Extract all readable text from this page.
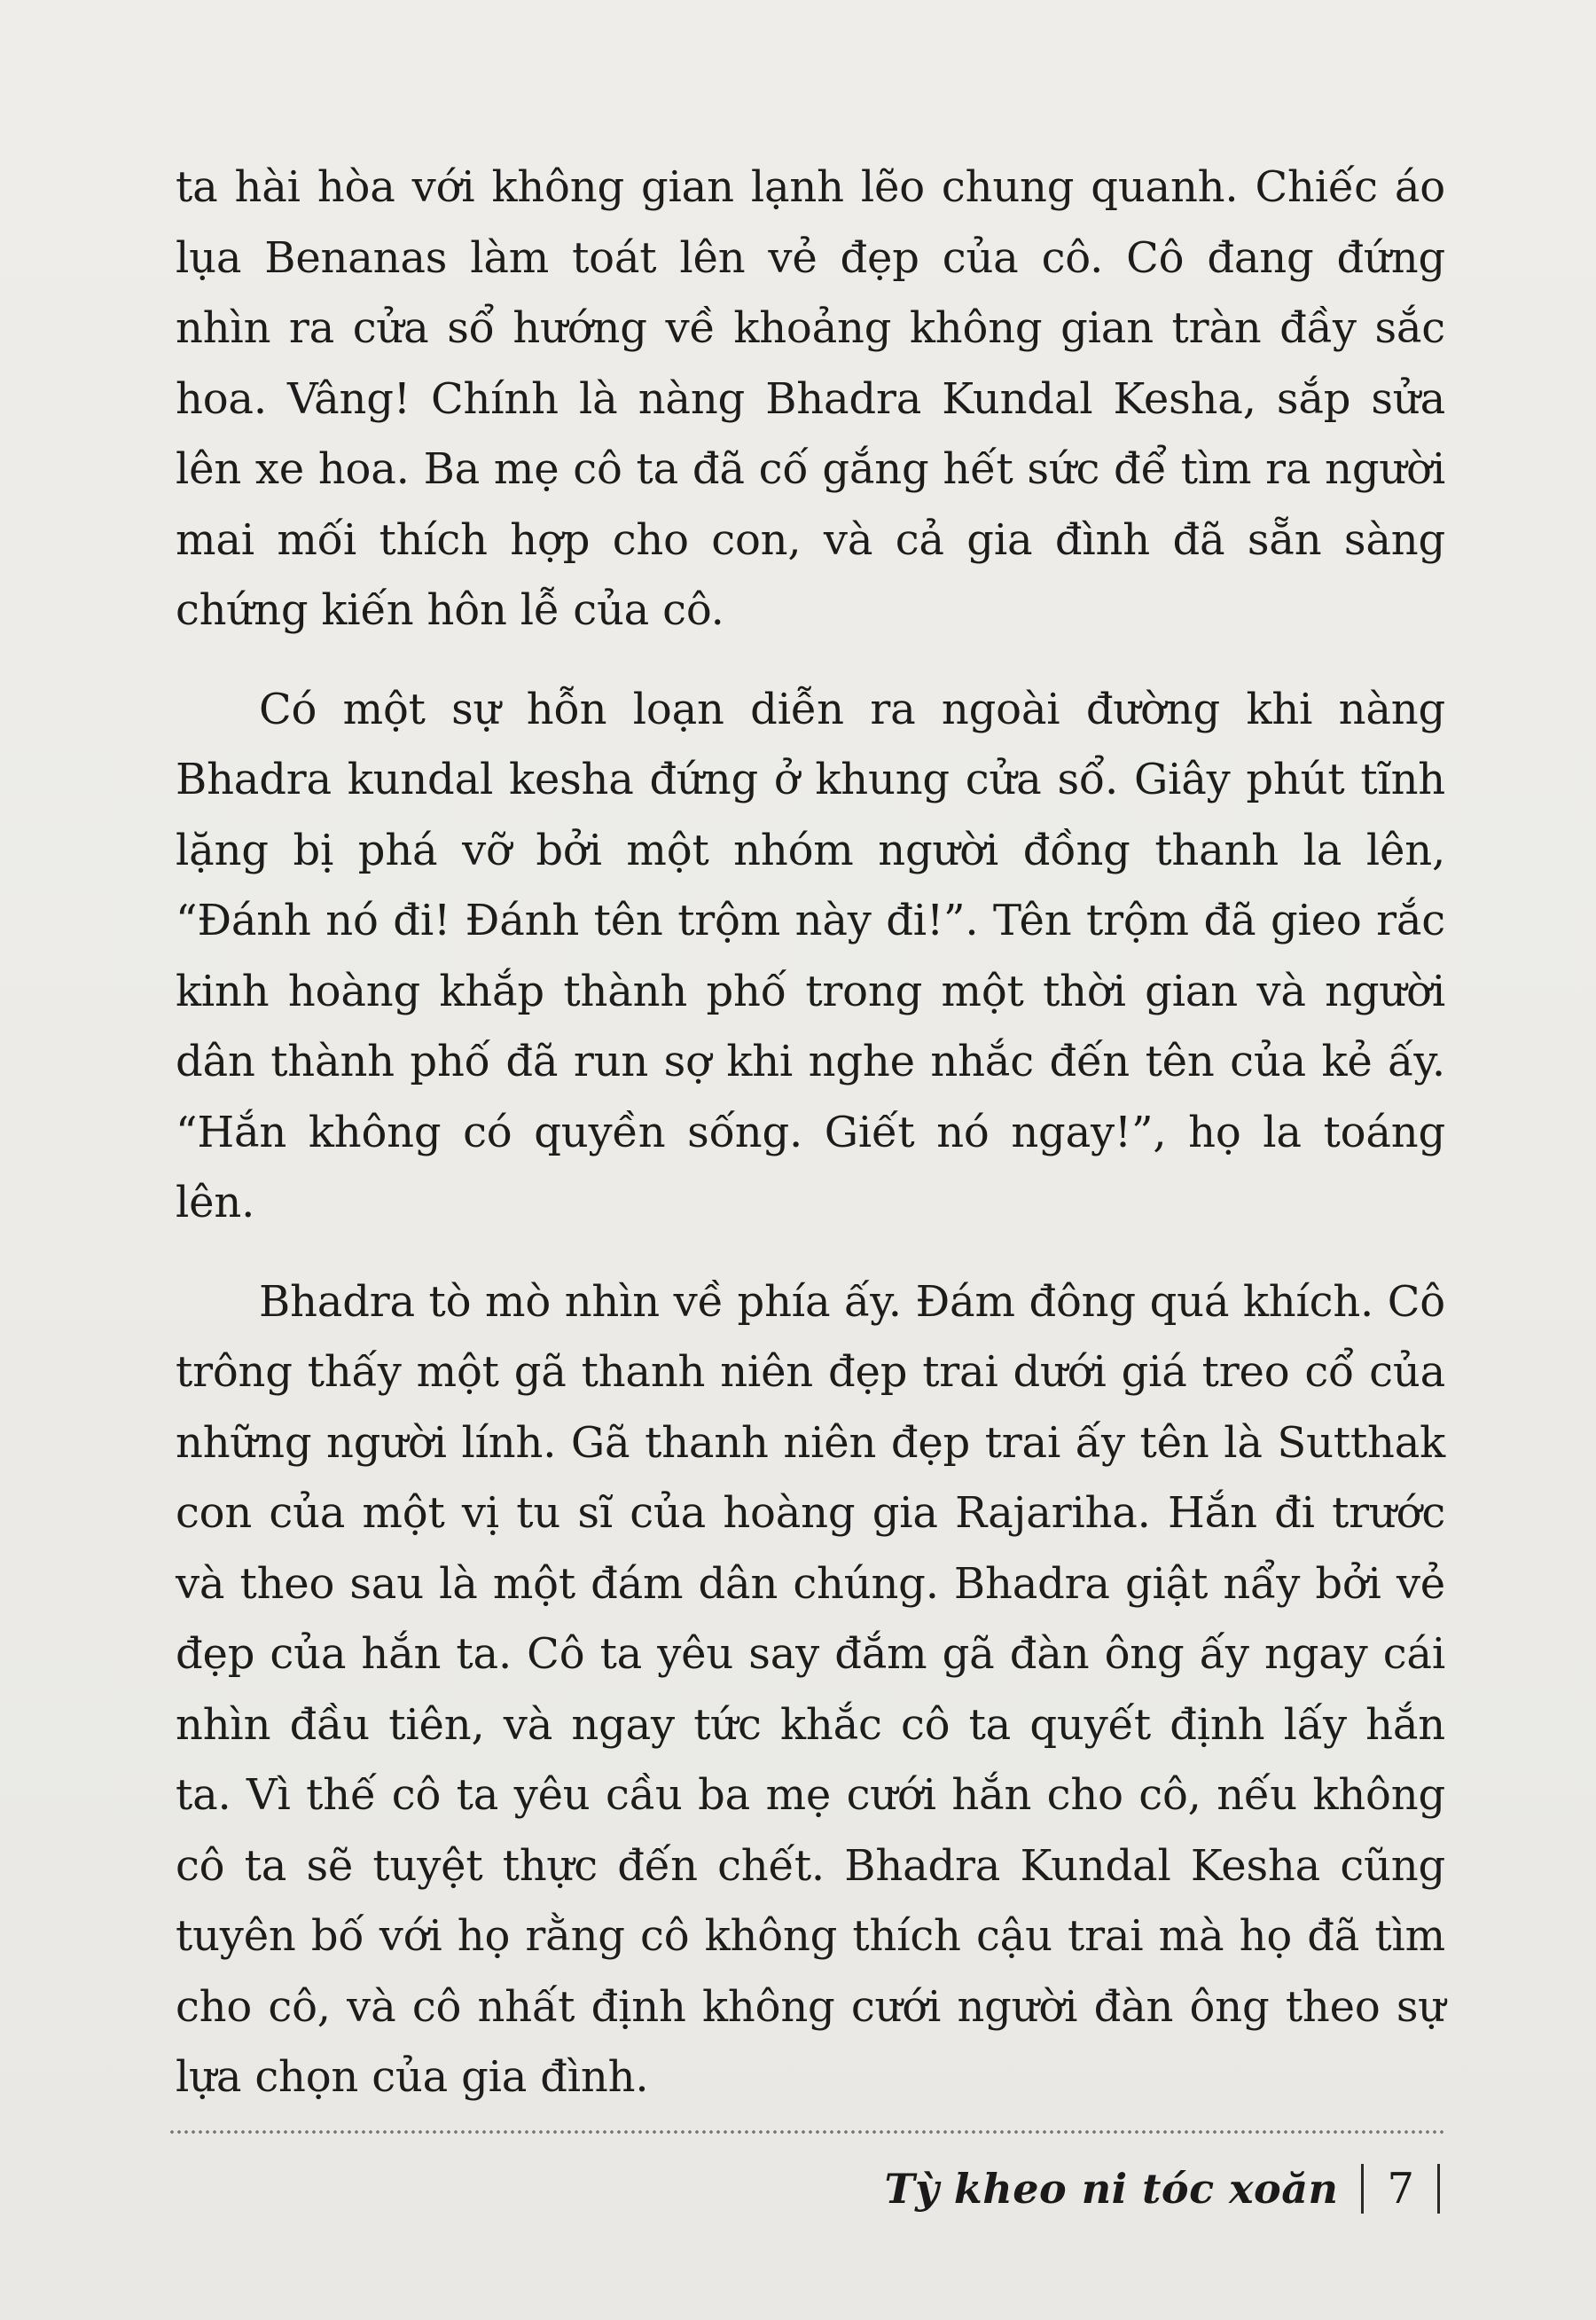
ta hài hòa với không gian lạnh lẽo chung quanh. Chiếc áo lụa Benanas làm toát lên vẻ đẹp của cô. Cô đang đứng nhìn ra cửa sổ hướng về khoảng không gian tràn đầy sắc hoa. Vâng! Chính là nàng Bhadra Kundal Kesha, sắp sửa lên xe hoa. Ba mẹ cô ta đã cố gắng hết sức để tìm ra người mai mối thích hợp cho con, và cả gia đình đã sẵn sàng chứng kiến hôn lễ của cô.

Có một sự hỗn loạn diễn ra ngoài đường khi nàng Bhadra kundal kesha đứng ở khung cửa sổ. Giây phút tĩnh lặng bị phá vỡ bởi một nhóm người đồng thanh la lên, “Đánh nó đi! Đánh tên trộm này đi!”. Tên trộm đã gieo rắc kinh hoàng khắp thành phố trong một thời gian và người dân thành phố đã run sợ khi nghe nhắc đến tên của kẻ ấy. “Hắn không có quyền sống. Giết nó ngay!”, họ la toáng lên.

Bhadra tò mò nhìn về phía ấy. Đám đông quá khích. Cô trông thấy một gã thanh niên đẹp trai dưới giá treo cổ của những người lính. Gã thanh niên đẹp trai ấy tên là Sutthak con của một vị tu sĩ của hoàng gia Rajariha. Hắn đi trước và theo sau là một đám dân chúng. Bhadra giật nẩy bởi vẻ đẹp của hắn ta. Cô ta yêu say đắm gã đàn ông ấy ngay cái nhìn đầu tiên, và ngay tức khắc cô ta quyết định lấy hắn ta. Vì thế cô ta yêu cầu ba mẹ cưới hắn cho cô, nếu không cô ta sẽ tuyệt thực đến chết. Bhadra Kundal Kesha cũng tuyên bố với họ rằng cô không thích cậu trai mà họ đã tìm cho cô, và cô nhất định không cưới người đàn ông theo sự lựa chọn của gia đình.

Tỳ kheo ni tóc xoăn 7
